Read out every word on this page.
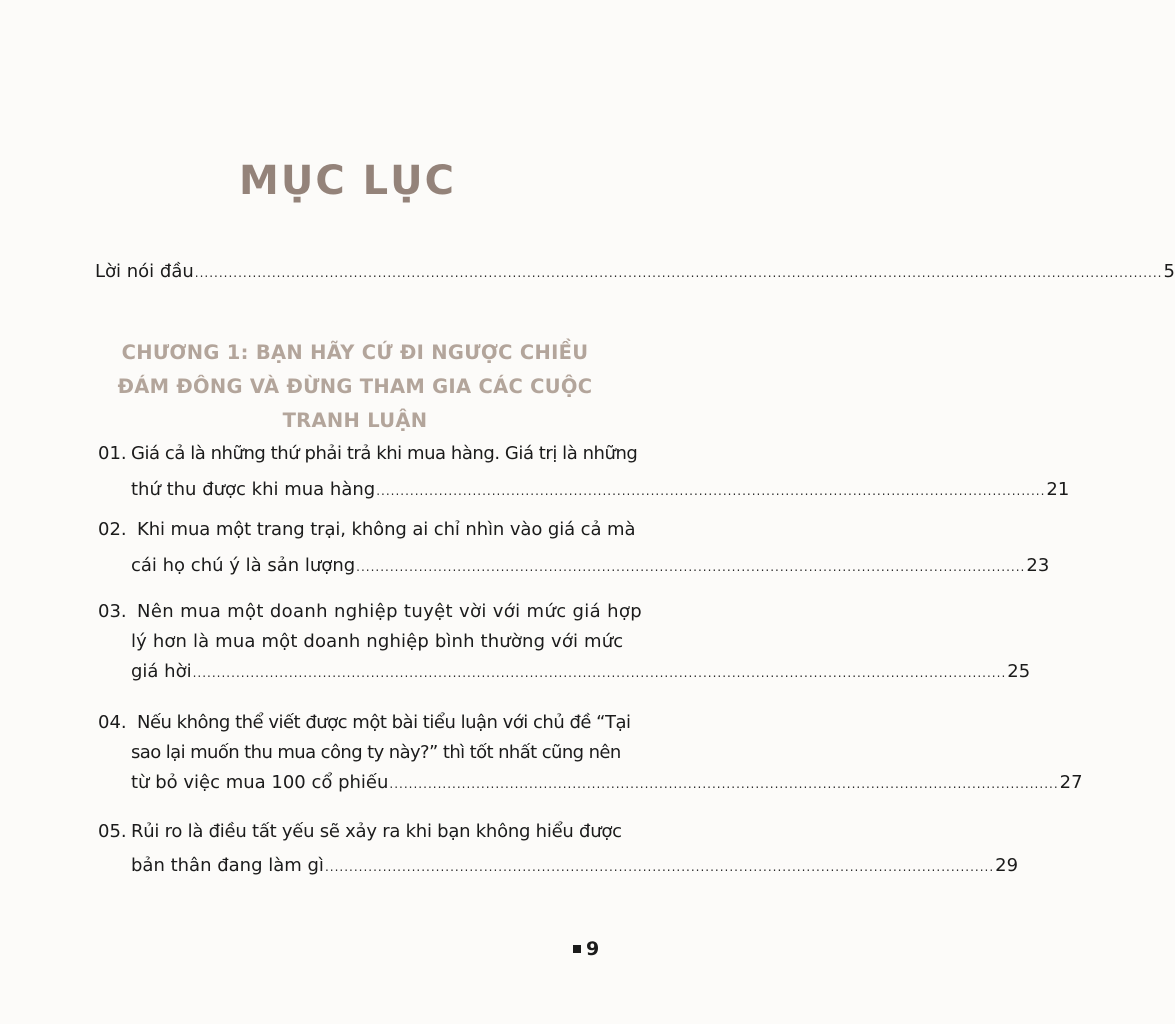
MỤC LỤC
Lời nói đầu ......................................................................................................................................................................................................... 5
CHƯƠNG 1: BẠN HÃY CỨ ĐI NGƯỢC CHIỀU
ĐÁM ĐÔNG VÀ ĐỪNG THAM GIA CÁC CUỘC
TRANH LUẬN
01. Giá cả là những thứ phải trả khi mua hàng. Giá trị là những
thứ thu được khi mua hàng ........................................................................................................................................... 21
02. Khi mua một trang trại, không ai chỉ nhìn vào giá cả mà
cái họ chú ý là sản lượng ........................................................................................................................................... 23
03. Nên mua một doanh nghiệp tuyệt vời với mức giá hợp
lý hơn là mua một doanh nghiệp bình thường với mức
giá hời ......................................................................................................................................................................... 25
04. Nếu không thể viết được một bài tiểu luận với chủ đề “Tại
sao lại muốn thu mua công ty này?” thì tốt nhất cũng nên
từ bỏ việc mua 100 cổ phiếu ........................................................................................................................................... 27
05. Rủi ro là điều tất yếu sẽ xảy ra khi bạn không hiểu được
bản thân đang làm gì ........................................................................................................................................... 29
9
